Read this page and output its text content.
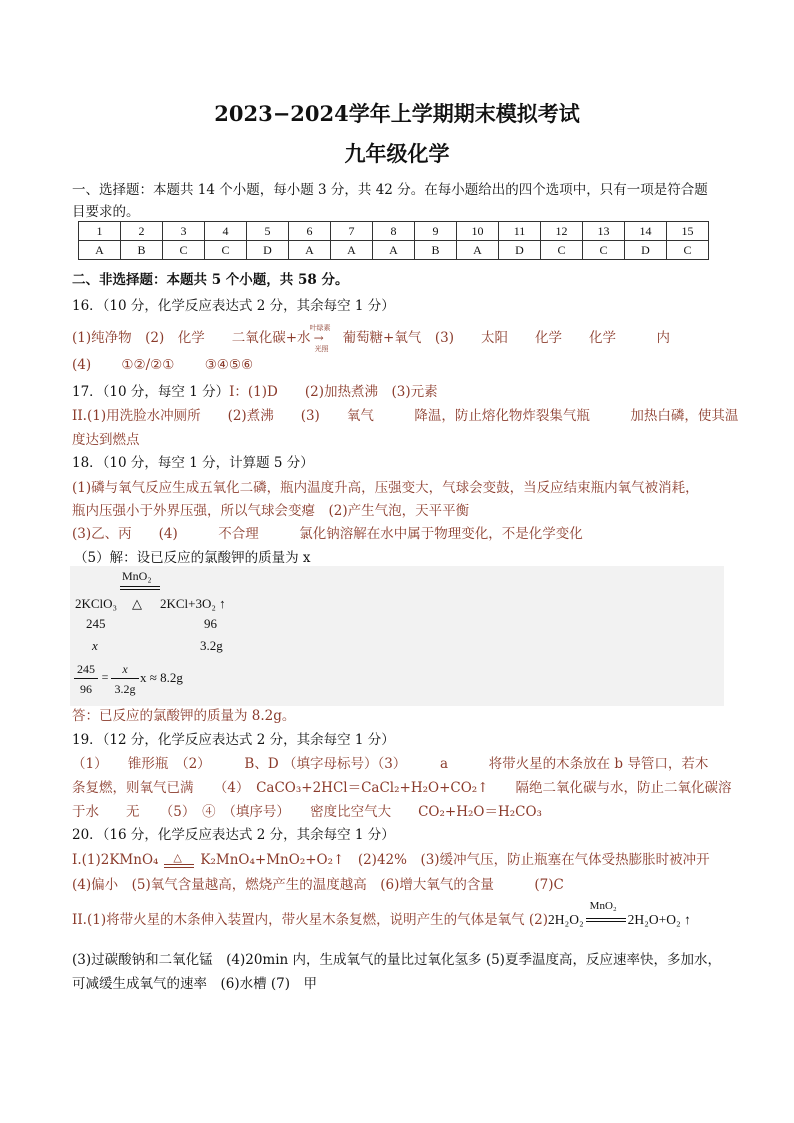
2023−2024学年上学期期末模拟考试
九年级化学
一、选择题：本题共 14 个小题，每小题 3 分，共 42 分。在每小题给出的四个选项中，只有一项是符合题
目要求的。
1	2	3	4	5	6	7	8	9	10	11	12	13	14	15
A	B	C	C	D	A	A	A	B	A	D	C	C	D	C
二、非选择题：本题共 5 个小题，共 58 分。
16．（10 分，化学反应表达式 2 分，其余每空 1 分）
(1)纯净物　(2)　化学　　二氧化碳+水
叶绿素
→
光照
葡萄糖+氧气　(3)　　太阳　　化学　　化学　　　内
(4) ①②/②① ③④⑤⑥
17．（10 分，每空 1 分）I：(1)D　　(2)加热煮沸　(3)元素
II.(1)用洗脸水冲厕所　　(2)煮沸　　(3)　　氧气　　　降温，防止熔化物炸裂集气瓶　　　加热白磷，使其温
度达到燃点
18．（10 分，每空 1 分，计算题 5 分）
(1)磷与氧气反应生成五氧化二磷，瓶内温度升高，压强变大，气球会变鼓，当反应结束瓶内氧气被消耗，
瓶内压强小于外界压强，所以气球会变瘪　(2)产生气泡，天平平衡
(3)乙、丙　　(4)　　　不合理　　　氯化钠溶解在水中属于物理变化，不是化学变化
（5）解：设已反应的氯酸钾的质量为 x
MnO₂
2KClO₃ △ 2KCl+3O₂ ↑
245	96
x	3.2g
245
96
=
x
3.2g
x ≈ 8.2g
答：已反应的氯酸钾的质量为 8.2g。
19．（12 分，化学反应表达式 2 分，其余每空 1 分）
（1）　　锥形瓶　（2）　　　B、D （填字母标号）（3）　　　a　　　将带火星的木条放在 b 导管口，若木
条复燃，则氧气已满　　（4）　CaCO₃+2HCl＝CaCl₂+H₂O+CO₂↑　　隔绝二氧化碳与水，防止二氧化碳溶
于水　　无　　（5）　④　（填序号）　　密度比空气大　　CO₂+H₂O＝H₂CO₃
20．（16 分，化学反应表达式 2 分，其余每空 1 分）
I.(1)2KMnO₄ △ K₂MnO₄+MnO₂+O₂↑　(2)42%　(3)缓冲气压，防止瓶塞在气体受热膨胀时被冲开
(4)偏小　(5)氧气含量越高，燃烧产生的温度越高　(6)增大氧气的含量　　　(7)C
II.(1)将带火星的木条伸入装置内，带火星木条复燃，说明产生的气体是氧气 (2)2H₂O₂
MnO₂
2H₂O+O₂ ↑
(3)过碳酸钠和二氧化锰　(4)20min 内，生成氧气的量比过氧化氢多 (5)夏季温度高，反应速率快，多加水，
可减缓生成氧气的速率　(6)水槽 (7)　甲
